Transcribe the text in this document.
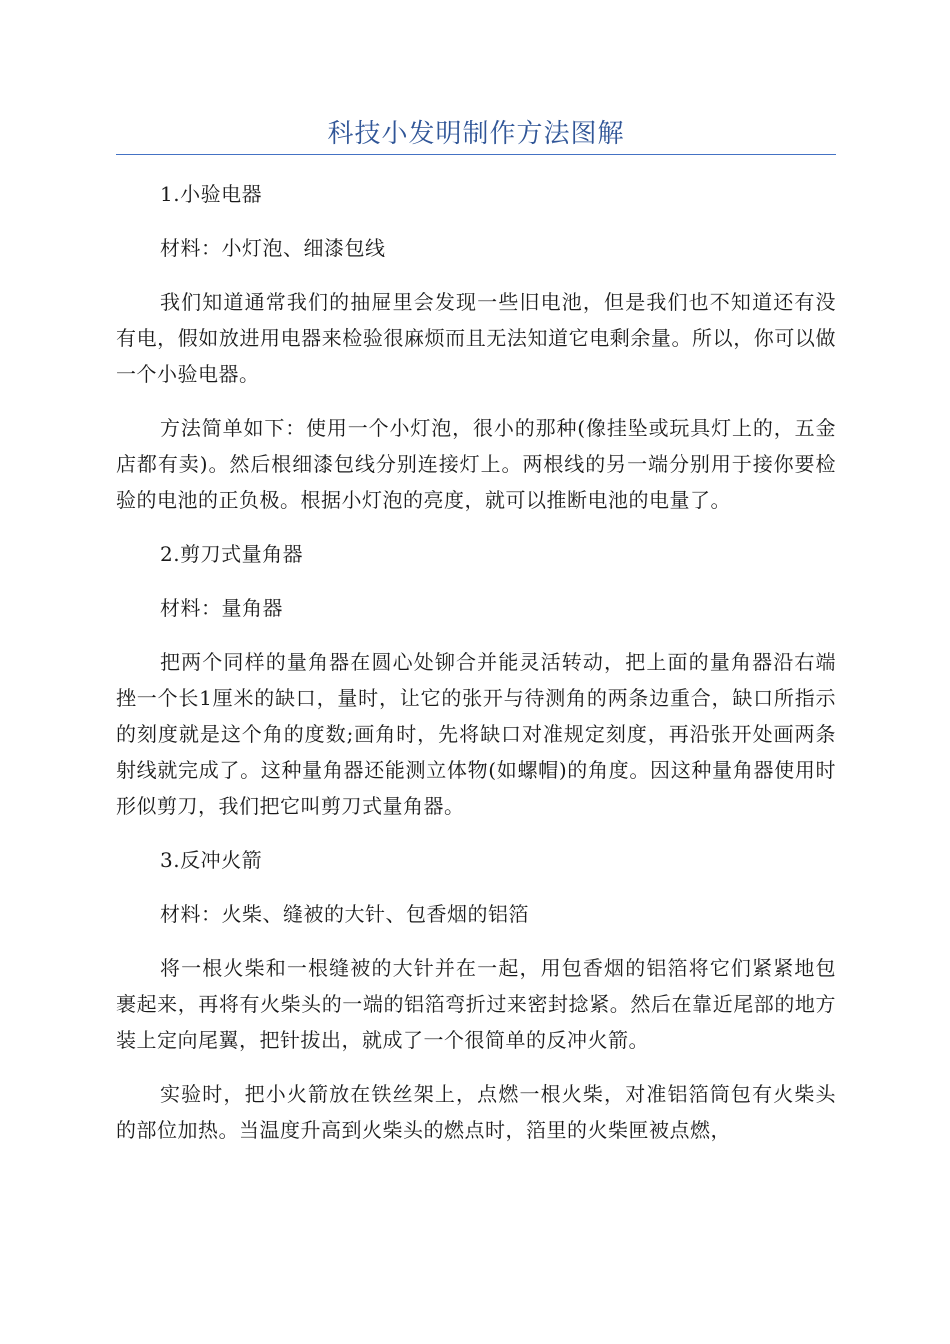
科技小发明制作方法图解

1.小验电器

材料：小灯泡、细漆包线

我们知道通常我们的抽屉里会发现一些旧电池，但是我们也不知道还有没有电，假如放进用电器来检验很麻烦而且无法知道它电剩余量。所以，你可以做一个小验电器。

方法简单如下：使用一个小灯泡，很小的那种(像挂坠或玩具灯上的，五金店都有卖)。然后根细漆包线分别连接灯上。两根线的另一端分别用于接你要检验的电池的正负极。根据小灯泡的亮度，就可以推断电池的电量了。

2.剪刀式量角器

材料：量角器

把两个同样的量角器在圆心处铆合并能灵活转动，把上面的量角器沿右端挫一个长1厘米的缺口，量时，让它的张开与待测角的两条边重合，缺口所指示的刻度就是这个角的度数;画角时，先将缺口对准规定刻度，再沿张开处画两条射线就完成了。这种量角器还能测立体物(如螺帽)的角度。因这种量角器使用时形似剪刀，我们把它叫剪刀式量角器。

3.反冲火箭

材料：火柴、缝被的大针、包香烟的铝箔

将一根火柴和一根缝被的大针并在一起，用包香烟的铝箔将它们紧紧地包裹起来，再将有火柴头的一端的铝箔弯折过来密封捻紧。然后在靠近尾部的地方装上定向尾翼，把针拔出，就成了一个很简单的反冲火箭。

实验时，把小火箭放在铁丝架上，点燃一根火柴，对准铝箔筒包有火柴头的部位加热。当温度升高到火柴头的燃点时，箔里的火柴匣被点燃，
